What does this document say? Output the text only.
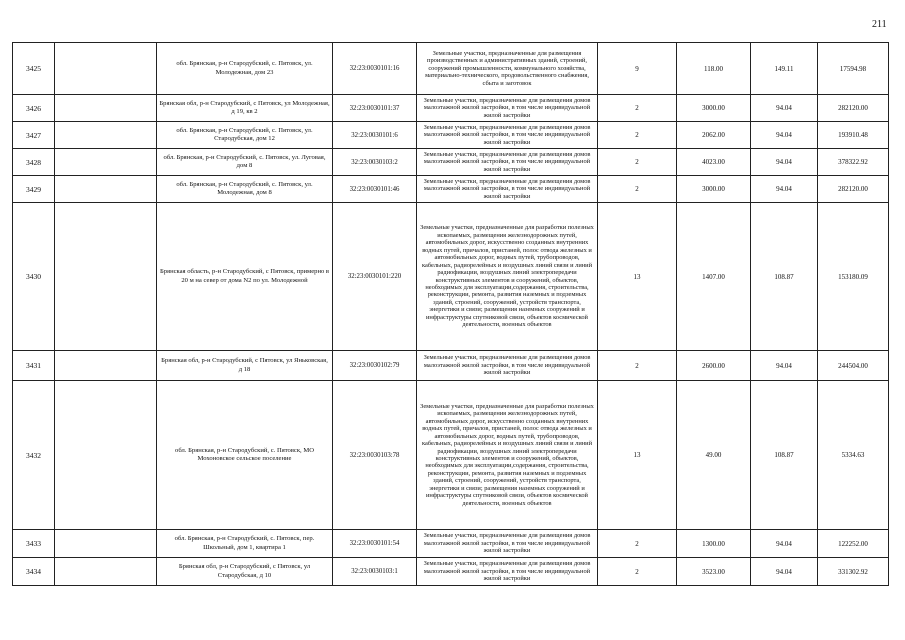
211
3425		обл. Брянская, р-н Стародубский, с. Пятовск, ул. Молодежная, дом 23	32:23:0030101:16	Земельные участки, предназначенные для размещения производственных и административных зданий, строений, сооружений промышленности, коммунального хозяйства, материально-технического, продовольственного снабжения, сбыта и заготовок	9	118.00	149.11	17594.98
3426		Брянская обл, р-н Стародубский, с Пятовск, ул Молодежная, д 19, кв 2	32:23:0030101:37	Земельные участки, предназначенные для размещения домов малоэтажной жилой застройки, в том числе индивидуальной жилой застройки	2	3000.00	94.04	282120.00
3427		обл. Брянская, р-н Стародубский, с. Пятовск, ул. Стародубская, дом 12	32:23:0030101:6	Земельные участки, предназначенные для размещения домов малоэтажной жилой застройки, в том числе индивидуальной жилой застройки	2	2062.00	94.04	193910.48
3428		обл. Брянская, р-н Стародубский, с. Пятовск, ул. Луговая, дом 8	32:23:0030103:2	Земельные участки, предназначенные для размещения домов малоэтажной жилой застройки, в том числе индивидуальной жилой застройки	2	4023.00	94.04	378322.92
3429		обл. Брянская, р-н Стародубский, с. Пятовск, ул. Молодежная, дом 8	32:23:0030101:46	Земельные участки, предназначенные для размещения домов малоэтажной жилой застройки, в том числе индивидуальной жилой застройки	2	3000.00	94.04	282120.00
3430		Брянская область, р-н Стародубский, с Пятовск, примерно в 20 м на север от дома N2 по ул. Молодежной	32:23:0030101:220	Земельные участки, предназначенные для разработки полезных ископаемых, размещения железнодорожных путей, автомобильных дорог, искусственно созданных внутренних водных путей, причалов, пристаней, полос отвода железных и автомобильных дорог, водных путей, трубопроводов, кабельных, радиорелейных и воздушных линий связи и линий радиофикации, воздушных линий электропередачи конструктивных элементов и сооружений, объектов, необходимых для эксплуатации,содержания, строительства, реконструкции, ремонта, развития наземных и подземных зданий, строений, сооружений, устройств транспорта, энергетики и связи; размещения наземных сооружений и инфраструктуры спутниковой связи, объектов космической деятельности, военных объектов	13	1407.00	108.87	153180.09
3431		Брянская обл, р-н Стародубский, с Пятовск, ул Яньковская, д 18	32:23:0030102:79	Земельные участки, предназначенные для размещения домов малоэтажной жилой застройки, в том числе индивидуальной жилой застройки	2	2600.00	94.04	244504.00
3432		обл. Брянская, р-н Стародубский, с. Пятовск, МО Мохоновское сельское поселение	32:23:0030103:78	Земельные участки, предназначенные для разработки полезных ископаемых, размещения железнодорожных путей, автомобильных дорог, искусственно созданных внутренних водных путей, причалов, пристаней, полос отвода железных и автомобильных дорог, водных путей, трубопроводов, кабельных, радиорелейных и воздушных линий связи и линий радиофикации, воздушных линий электропередачи конструктивных элементов и сооружений, объектов, необходимых для эксплуатации,содержания, строительства, реконструкции, ремонта, развития наземных и подземных зданий, строений, сооружений, устройств транспорта, энергетики и связи; размещения наземных сооружений и инфраструктуры спутниковой связи, объектов космической деятельности, военных объектов	13	49.00	108.87	5334.63
3433		обл. Брянская, р-н Стародубский, с. Пятовск, пер. Школьный, дом 1, квартира 1	32:23:0030101:54	Земельные участки, предназначенные для размещения домов малоэтажной жилой застройки, в том числе индивидуальной жилой застройки	2	1300.00	94.04	122252.00
3434		Брянская обл, р-н Стародубский, с Пятовск, ул Стародубская, д 10	32:23:0030103:1	Земельные участки, предназначенные для размещения домов малоэтажной жилой застройки, в том числе индивидуальной жилой застройки	2	3523.00	94.04	331302.92
